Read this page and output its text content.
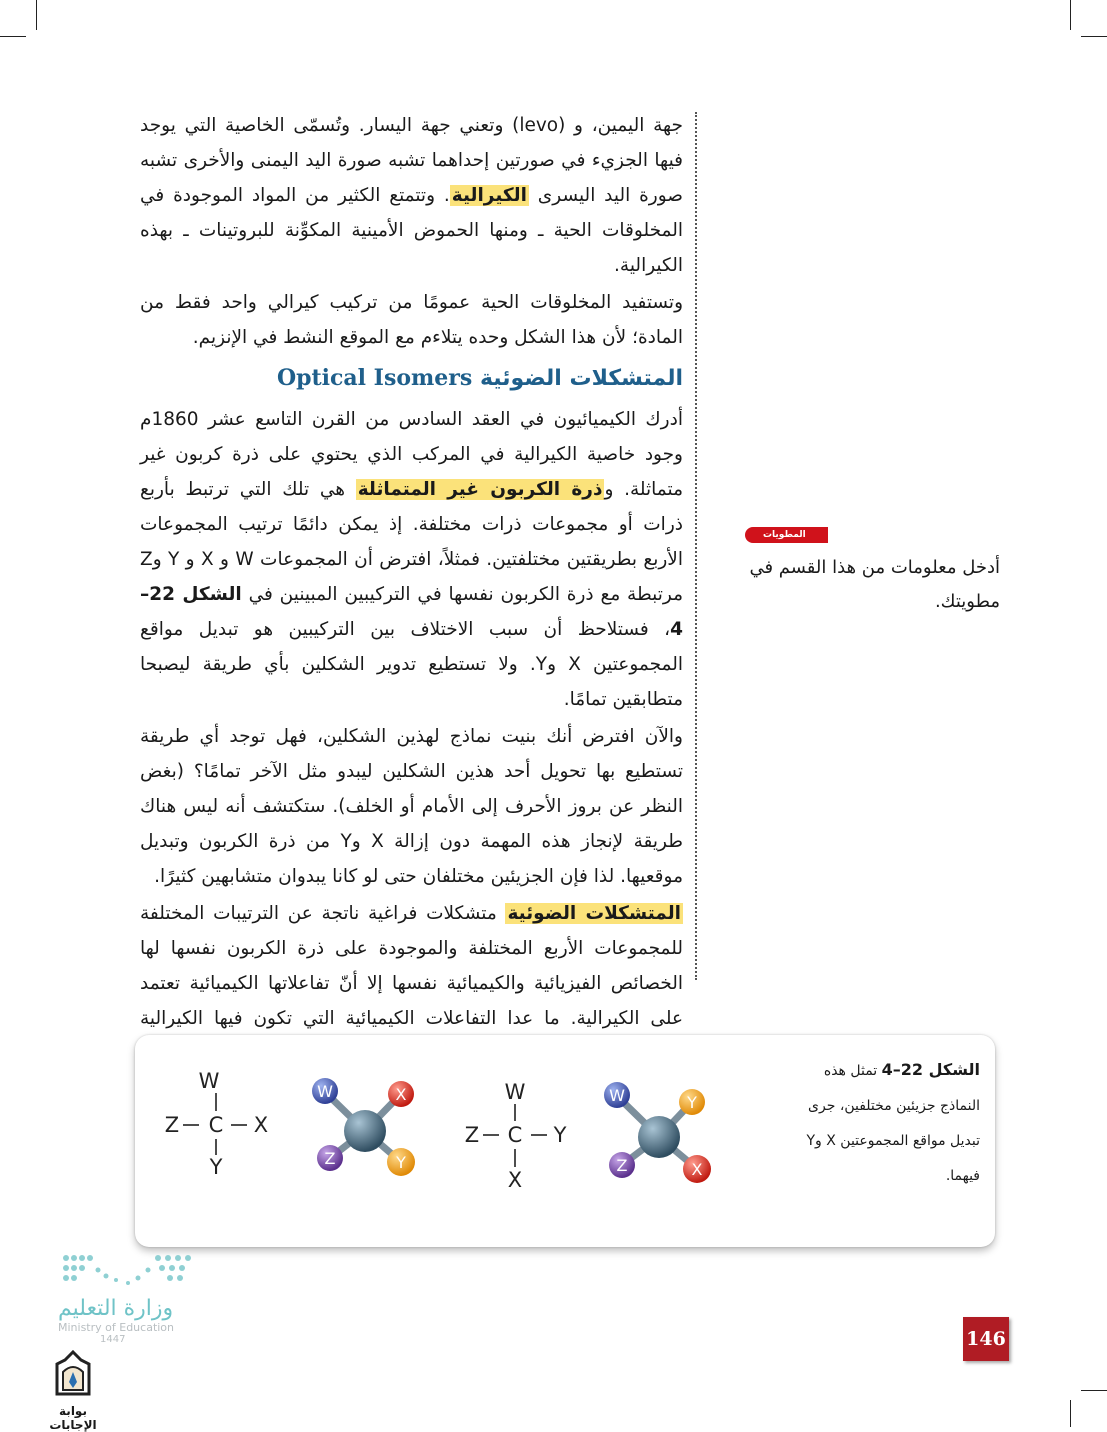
جهة اليمين، و (levo) وتعني جهة اليسار. وتُسمّى الخاصية التي يوجد فيها الجزيء في صورتين إحداهما تشبه صورة اليد اليمنى والأخرى تشبه صورة اليد اليسرى الكيرالية. وتتمتع الكثير من المواد الموجودة في المخلوقات الحية ـ ومنها الحموض الأمينية المكوِّنة للبروتينات ـ بهذه الكيرالية.

وتستفيد المخلوقات الحية عمومًا من تركيب كيرالي واحد فقط من المادة؛ لأن هذا الشكل وحده يتلاءم مع الموقع النشط في الإنزيم.

المتشكلات الضوئية Optical Isomers

أدرك الكيميائيون في العقد السادس من القرن التاسع عشر 1860م وجود خاصية الكيرالية في المركب الذي يحتوي على ذرة كربون غير متماثلة. وذرة الكربون غير المتماثلة هي تلك التي ترتبط بأربع ذرات أو مجموعات ذرات مختلفة. إذ يمكن دائمًا ترتيب المجموعات الأربع بطريقتين مختلفتين. فمثلاً، افترض أن المجموعات W و X و Y وZ مرتبطة مع ذرة الكربون نفسها في التركيبين المبينين في الشكل 22–4، فستلاحظ أن سبب الاختلاف بين التركيبين هو تبديل مواقع المجموعتين X وY. ولا تستطيع تدوير الشكلين بأي طريقة ليصبحا متطابقين تمامًا.

والآن افترض أنك بنيت نماذج لهذين الشكلين، فهل توجد أي طريقة تستطيع بها تحويل أحد هذين الشكلين ليبدو مثل الآخر تمامًا؟ (بغض النظر عن بروز الأحرف إلى الأمام أو الخلف). ستكتشف أنه ليس هناك طريقة لإنجاز هذه المهمة دون إزالة X وY من ذرة الكربون وتبديل موقعيها. لذا فإن الجزيئين مختلفان حتى لو كانا يبدوان متشابهين كثيرًا.

المتشكلات الضوئية متشكلات فراغية ناتجة عن الترتيبات المختلفة للمجموعات الأربع المختلفة والموجودة على ذرة الكربون نفسها لها الخصائص الفيزيائية والكيميائية نفسها إلا أنّ تفاعلاتها الكيميائية تعتمد على الكيرالية. ما عدا التفاعلات الكيميائية التي تكون فيها الكيرالية

المطويات
أدخل معلومات من هذا القسم في مطويتك.
W
Z C X
Y
W	X
Z	Y
W
Z C Y
X
W	Y
Z	X
الشكل 22–4 تمثل هذه النماذج جزيئين مختلفين، جرى تبديل مواقع المجموعتين X وY فيهما.
146
وزارة التعليم
Ministry of Education
1447
بوابة الإجابات
